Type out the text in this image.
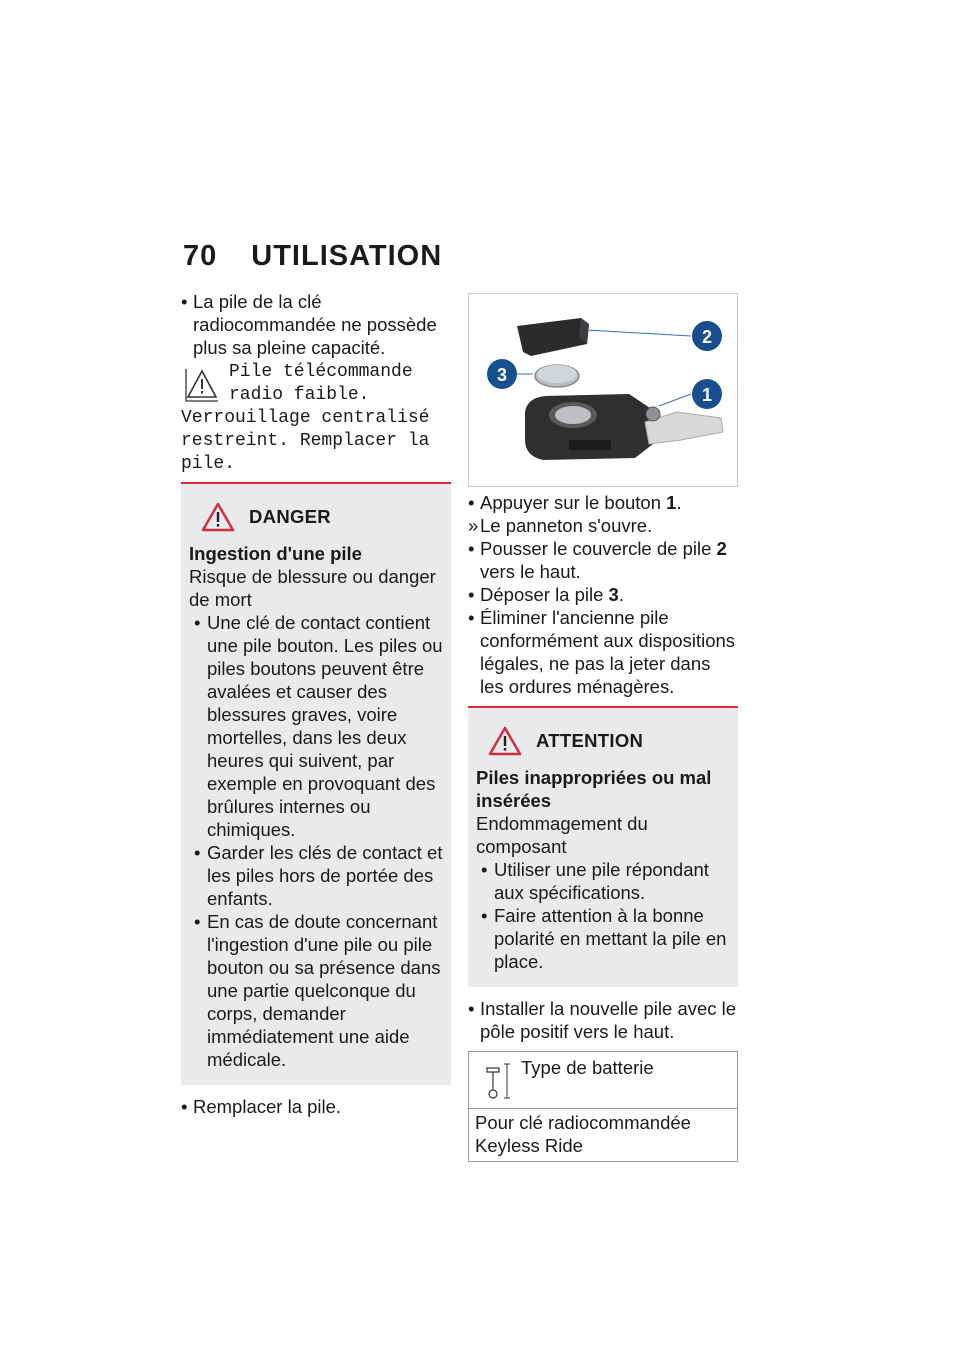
70 UTILISATION
• La pile de la clé radiocommandée ne possède plus sa pleine capacité.
Pile télécommande radio faible. Verrouillage centralisé restreint. Remplacer la pile.
DANGER
Ingestion d'une pile
Risque de blessure ou danger de mort
• Une clé de contact contient une pile bouton. Les piles ou piles boutons peuvent être avalées et causer des blessures graves, voire mortelles, dans les deux heures qui suivent, par exemple en provoquant des brûlures internes ou chimiques.
• Garder les clés de contact et les piles hors de portée des enfants.
• En cas de doute concernant l'ingestion d'une pile ou pile bouton ou sa présence dans une partie quelconque du corps, demander immédiatement une aide médicale.
• Remplacer la pile.
2
3
1
• Appuyer sur le bouton 1.
» Le panneton s'ouvre.
• Pousser le couvercle de pile 2 vers le haut.
• Déposer la pile 3.
• Éliminer l'ancienne pile conformément aux dispositions légales, ne pas la jeter dans les ordures ménagères.
ATTENTION
Piles inappropriées ou mal insérées
Endommagement du composant
• Utiliser une pile répondant aux spécifications.
• Faire attention à la bonne polarité en mettant la pile en place.
• Installer la nouvelle pile avec le pôle positif vers le haut.
Type de batterie
Pour clé radiocommandée Keyless Ride
